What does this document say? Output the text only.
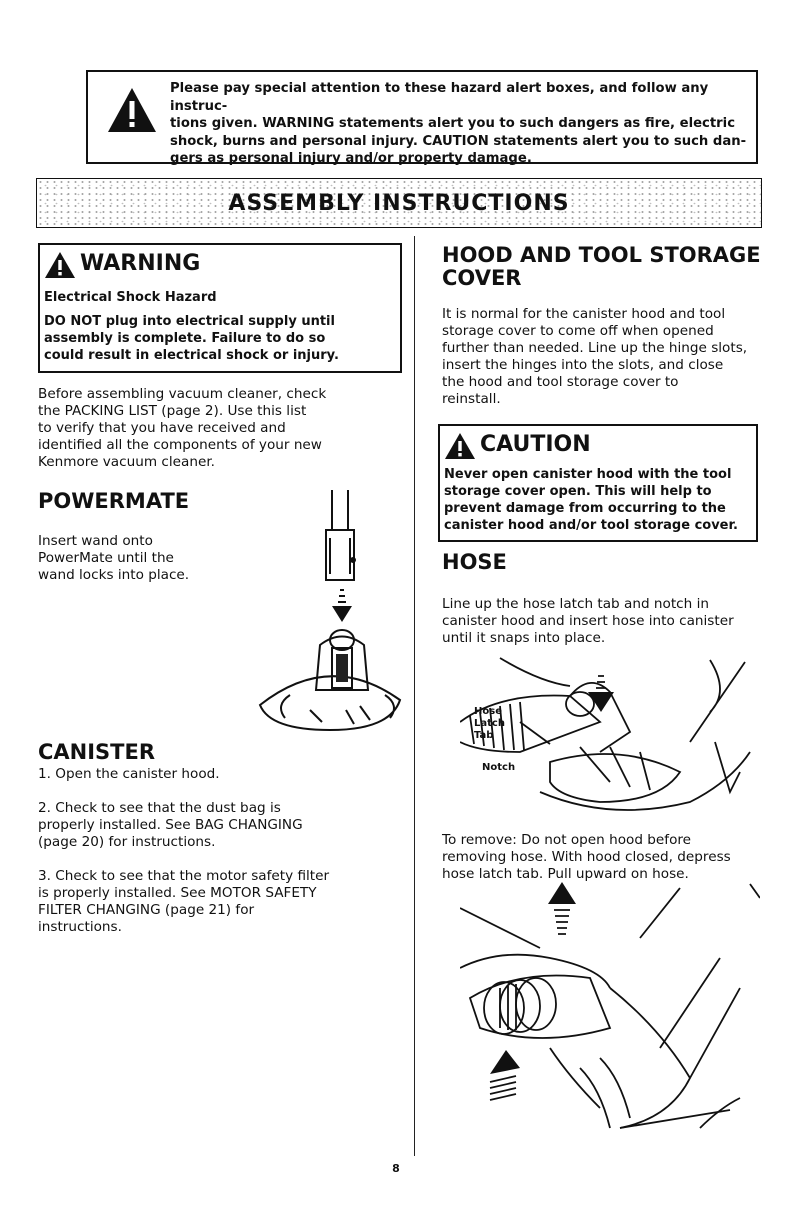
Please pay special attention to these hazard alert boxes, and follow any instruc-
tions given. WARNING statements alert you to such dangers as fire, electric
shock, burns and personal injury. CAUTION statements alert you to such dan-
gers as personal injury and/or property damage.
ASSEMBLY INSTRUCTIONS
WARNING
Electrical Shock Hazard
DO NOT plug into electrical supply until
assembly is complete. Failure to do so
could result in electrical shock or injury.
Before assembling vacuum cleaner, check
the PACKING LIST (page 2). Use this list
to verify that you have received and
identified all the components of your new
Kenmore vacuum cleaner.
POWERMATE
Insert wand onto
PowerMate until the
wand locks into place.
CANISTER
1. Open the canister hood.
2. Check to see that the dust bag is
properly installed. See BAG CHANGING
(page 20) for instructions.
3. Check to see that the motor safety filter
is properly installed. See MOTOR SAFETY
FILTER CHANGING (page 21) for
instructions.
HOOD AND TOOL STORAGE
COVER
It is normal for the canister hood and tool
storage cover to come off when opened
further than needed. Line up the hinge slots,
insert the hinges into the slots, and close
the hood and tool storage cover to
reinstall.
CAUTION
Never open canister hood with the tool
storage cover open. This will help to
prevent damage from occurring to the
canister hood and/or tool storage cover.
HOSE
Line up the hose latch tab and notch in
canister hood and insert hose into canister
until it snaps into place.
Hose
Latch
Tab
Notch
To remove: Do not open hood before
removing hose. With hood closed, depress
hose latch tab. Pull upward on hose.
8
